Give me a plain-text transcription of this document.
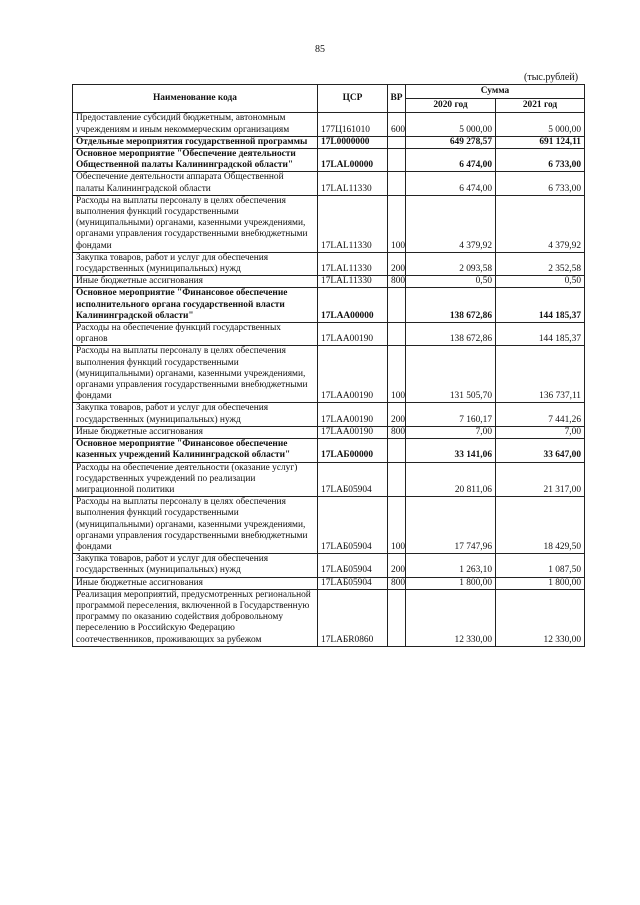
85
(тыс.рублей)
Наименование кода	ЦСР	ВР	Сумма	
			2020 год	2021 год
Предоставление субсидий бюджетным, автономным учреждениям и иным некоммерческим организациям	177Ц161010	600	5 000,00	5 000,00
Отдельные мероприятия государственной программы	17L0000000		649 278,57	691 124,11
Основное мероприятие "Обеспечение деятельности Общественной палаты Калининградской области"	17LAL00000		6 474,00	6 733,00
Обеспечение деятельности аппарата Общественной палаты Калининградской области	17LAL11330		6 474,00	6 733,00
Расходы на выплаты персоналу в целях обеспечения выполнения функций государственными (муниципальными) органами, казенными учреждениями, органами управления государственными внебюджетными фондами	17LAL11330	100	4 379,92	4 379,92
Закупка товаров, работ и услуг для обеспечения государственных (муниципальных) нужд	17LAL11330	200	2 093,58	2 352,58
Иные бюджетные ассигнования	17LAL11330	800	0,50	0,50
Основное мероприятие "Финансовое обеспечение исполнительного органа государственной власти Калининградской области"	17LAA00000		138 672,86	144 185,37
Расходы на обеспечение функций государственных органов	17LAA00190		138 672,86	144 185,37
Расходы на выплаты персоналу в целях обеспечения выполнения функций государственными (муниципальными) органами, казенными учреждениями, органами управления государственными внебюджетными фондами	17LAA00190	100	131 505,70	136 737,11
Закупка товаров, работ и услуг для обеспечения государственных (муниципальных) нужд	17LAA00190	200	7 160,17	7 441,26
Иные бюджетные ассигнования	17LAA00190	800	7,00	7,00
Основное мероприятие "Финансовое обеспечение казенных учреждений Калининградской области"	17LAБ00000		33 141,06	33 647,00
Расходы на обеспечение деятельности (оказание услуг) государственных учреждений по реализации миграционной политики	17LAБ05904		20 811,06	21 317,00
Расходы на выплаты персоналу в целях обеспечения выполнения функций государственными (муниципальными) органами, казенными учреждениями, органами управления государственными внебюджетными фондами	17LAБ05904	100	17 747,96	18 429,50
Закупка товаров, работ и услуг для обеспечения государственных (муниципальных) нужд	17LAБ05904	200	1 263,10	1 087,50
Иные бюджетные ассигнования	17LAБ05904	800	1 800,00	1 800,00
Реализация мероприятий, предусмотренных региональной программой переселения, включенной в Государственную программу по оказанию содействия добровольному переселению в Российскую Федерацию соотечественников, проживающих за рубежом	17LAБR0860		12 330,00	12 330,00
